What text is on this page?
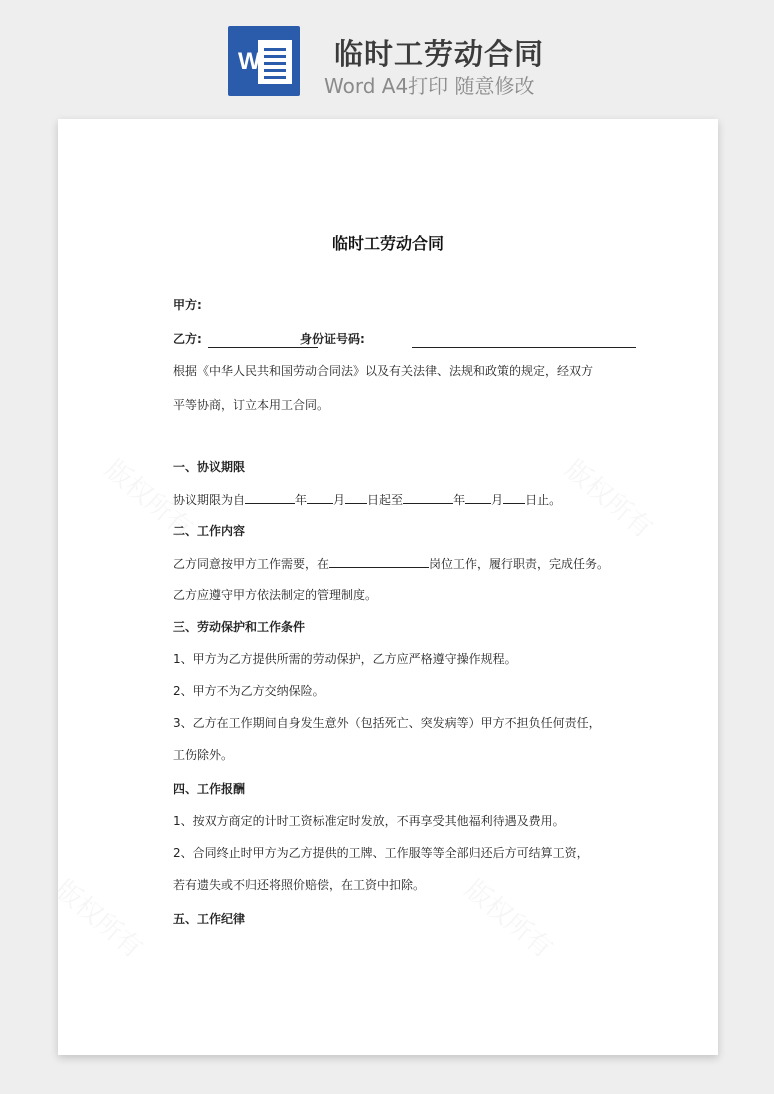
W	临时工劳动合同
Word A4打印 随意修改
临时工劳动合同
甲方:
乙方:	身份证号码:
根据《中华人民共和国劳动合同法》以及有关法律、法规和政策的规定，经双方
平等协商，订立本用工合同。
一、协议期限
协议期限为自	年 月 日起至	年 月 日止。
二、工作内容
乙方同意按甲方工作需要，在	岗位工作，履行职责，完成任务。
乙方应遵守甲方依法制定的管理制度。
三、劳动保护和工作条件
1、甲方为乙方提供所需的劳动保护，乙方应严格遵守操作规程。
2、甲方不为乙方交纳保险。
3、乙方在工作期间自身发生意外（包括死亡、突发病等）甲方不担负任何责任，
工伤除外。
四、工作报酬
1、按双方商定的计时工资标准定时发放，不再享受其他福利待遇及费用。
2、合同终止时甲方为乙方提供的工牌、工作服等等全部归还后方可结算工资，
若有遗失或不归还将照价赔偿，在工资中扣除。
五、工作纪律
